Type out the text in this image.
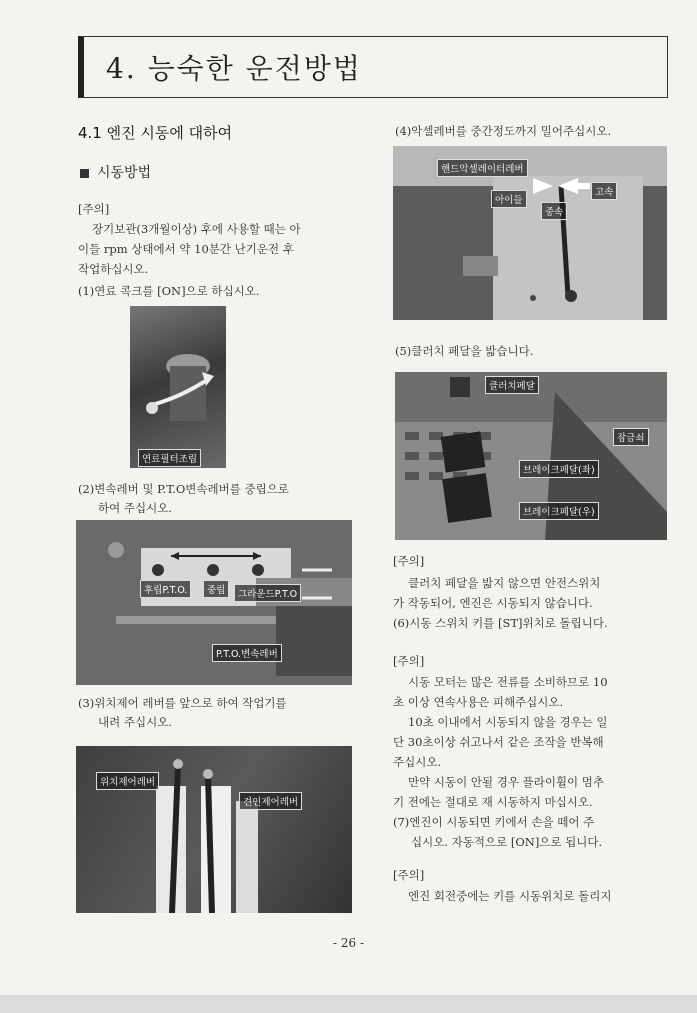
4. 능숙한 운전방법
4.1 엔진 시동에 대하여
시동방법
[주의]
장기보관(3개월이상) 후에 사용할 때는 아
이들 rpm 상태에서 약 10분간 난기운전 후
작업하십시오.
(1)연료 콕크를 [ON]으로 하십시오.
연료필터조립
(2)변속레버 및 P.T.O변속레버를 중립으로
하여 주십시오.
후립P.T.O.	중립	그라운드P.T.O
P.T.O.변속레버
(3)위치제어 레버를 앞으로 하여 작업기를
내려 주십시오.
위치제어레버
견인제어레버
(4)악셀레버를 중간정도까지 밀어주십시오.
핸드악셀레이터레버
아이들
고속
중속
(5)클러치 페달을 밟습니다.
클러치페달
잠금쇠
브레이크페달(좌)
브레이크페달(우)
[주의]
클러치 페달을 밟지 않으면 안전스위치
가 작동되어, 엔진은 시동되지 않습니다.
(6)시동 스위치 키를 [ST]위치로 돌립니다.
[주의]
시동 모터는 많은 전류를 소비하므로 10
초 이상 연속사용은 피해주십시오.
10초 이내에서 시동되지 않을 경우는 일
단 30초이상 쉬고나서 같은 조작을 반복해
주십시오.
만약 시동이 안될 경우 플라이휠이 멈추
기 전에는 절대로 재 시동하지 마십시오.
(7)엔진이 시동되면 키에서 손을 떼어 주
십시오. 자동적으로 [ON]으로 됩니다.
[주의]
엔진 회전중에는 키를 시동위치로 돌리지
- 26 -
